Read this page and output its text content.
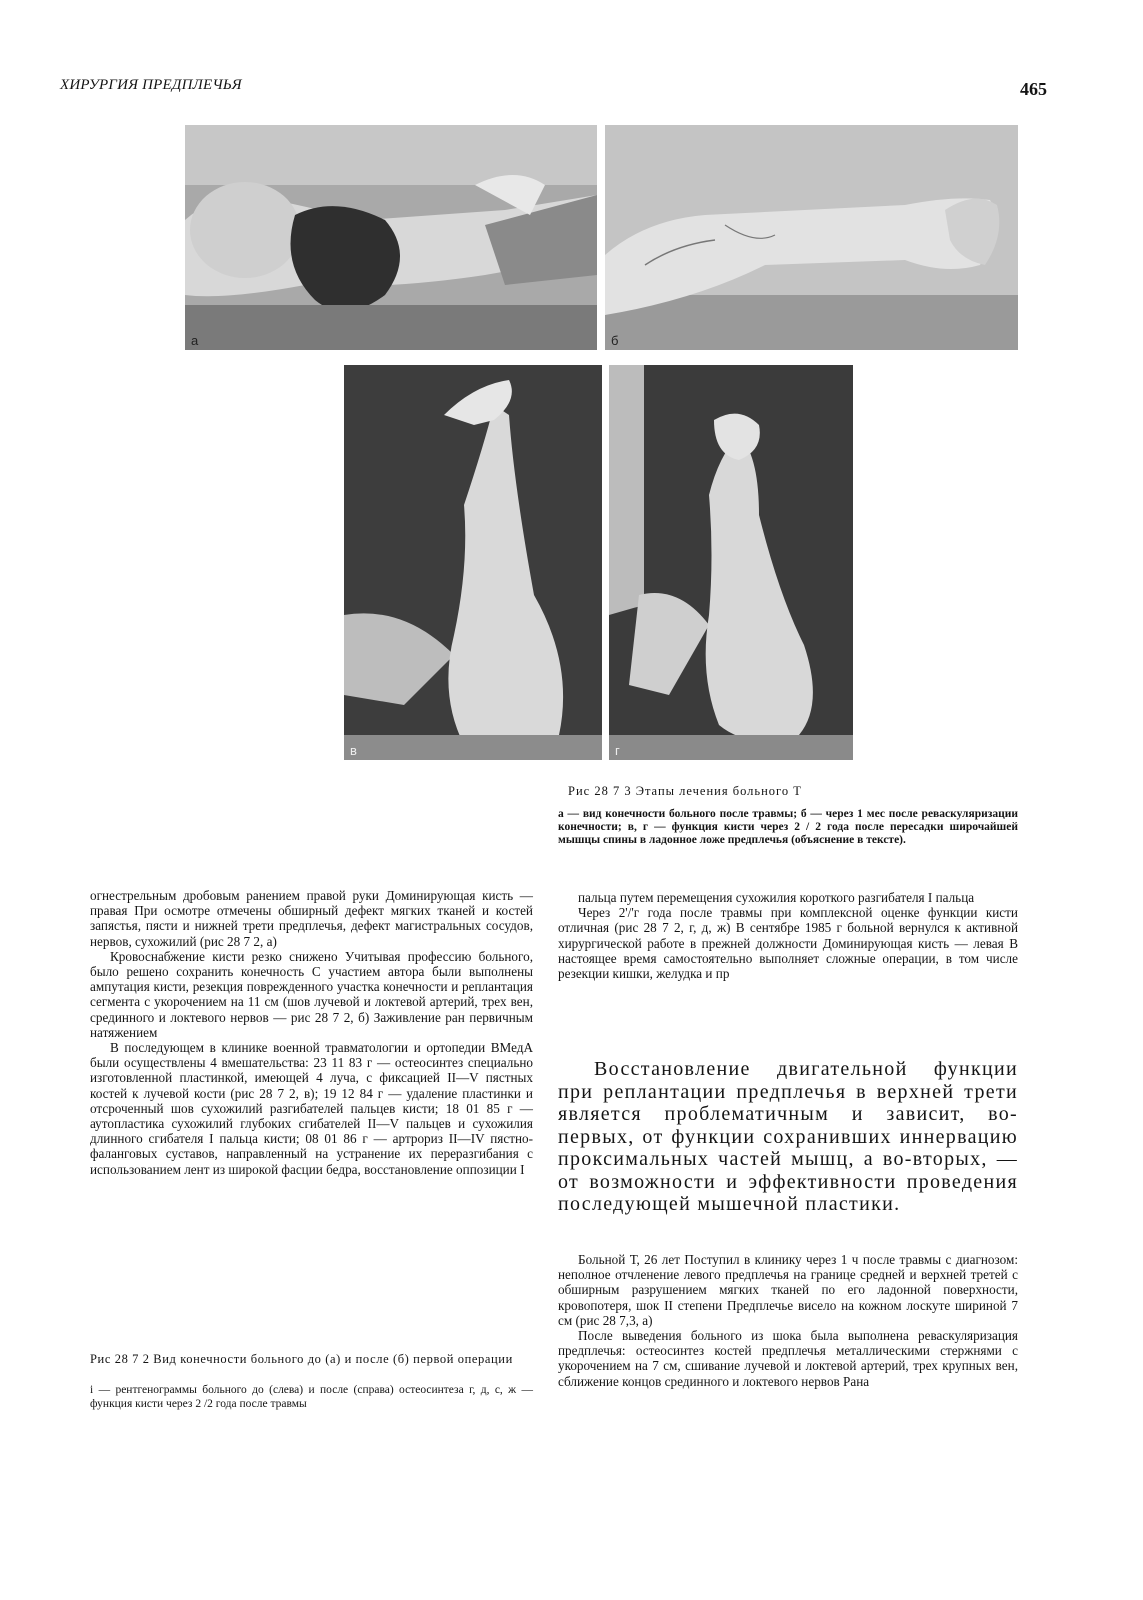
ХИРУРГИЯ ПРЕДПЛЕЧЬЯ	465
а	б
в	г
Рис 28 7 3 Этапы лечения больного Т
а — вид конечности больного после травмы; б — через 1 мес после реваскуляризации конечности; в, г — функция кисти через 2 / 2 года после пересадки широчайшей мышцы спины в ладонное ложе предплечья (объяснение в тексте).

огнестрельным дробовым ранением правой руки Доминирующая кисть — правая При осмотре отмечены обширный дефект мягких тканей и костей запястья, пясти и нижней трети предплечья, дефект магистральных сосудов, нервов, сухожилий (рис 28 7 2, а)

Кровоснабжение кисти резко снижено Учитывая профессию больного, было решено сохранить конечность С участием автора были выполнены ампутация кисти, резекция поврежденного участка конечности и реплантация сегмента с укорочением на 11 см (шов лучевой и локтевой артерий, трех вен, срединного и локтевого нервов — рис 28 7 2, б) Заживление ран первичным натяжением

В последующем в клинике военной травматологии и ортопедии ВМедА были осуществлены 4 вмешательства: 23 11 83 г — остеосинтез специально изготовленной пластинкой, имеющей 4 луча, с фиксацией II—V пястных костей к лучевой кости (рис 28 7 2, в); 19 12 84 г — удаление пластинки и отсроченный шов сухожилий разгибателей пальцев кисти; 18 01 85 г — аутопластика сухожилий глубоких сгибателей II—V пальцев и сухожилия длинного сгибателя I пальца кисти; 08 01 86 г — артрориз II—IV пястно-фаланговых суставов, направленный на устранение их переразгибания с использованием лент из широкой фасции бедра, восстановление оппозиции I

Рис 28 7 2 Вид конечности больного до (а) и после (б) первой операции
i — рентгенограммы больного до (слева) и после (справа) остеосинтеза г, д, с, ж — функция кисти через 2 /2 года после травмы

пальца путем перемещения сухожилия короткого разгибателя I пальца

Через 2'/'г года после травмы при комплексной оценке функции кисти отличная (рис 28 7 2, г, д, ж) В сентябре 1985 г больной вернулся к активной хирургической работе в прежней должности Доминирующая кисть — левая В настоящее время самостоятельно выполняет сложные операции, в том числе резекции кишки, желудка и пр

Восстановление двигательной функции при реплантации предплечья в верхней трети является проблематичным и зависит, во-первых, от функции сохранивших иннервацию проксимальных частей мышц, а во-вторых, — от возможности и эффективности проведения последующей мышечной пластики.

Больной Т, 26 лет Поступил в клинику через 1 ч после травмы с диагнозом: неполное отчленение левого предплечья на границе средней и верхней третей с обширным разрушением мягких тканей по его ладонной поверхности, кровопотеря, шок II степени Предплечье висело на кожном лоскуте шириной 7 см (рис 28 7,3, а)

После выведения больного из шока была выполнена реваскуляризация предплечья: остеосинтез костей предплечья металлическими стержнями с укорочением на 7 см, сшивание лучевой и локтевой артерий, трех крупных вен, сближение концов срединного и локтевого нервов Рана
